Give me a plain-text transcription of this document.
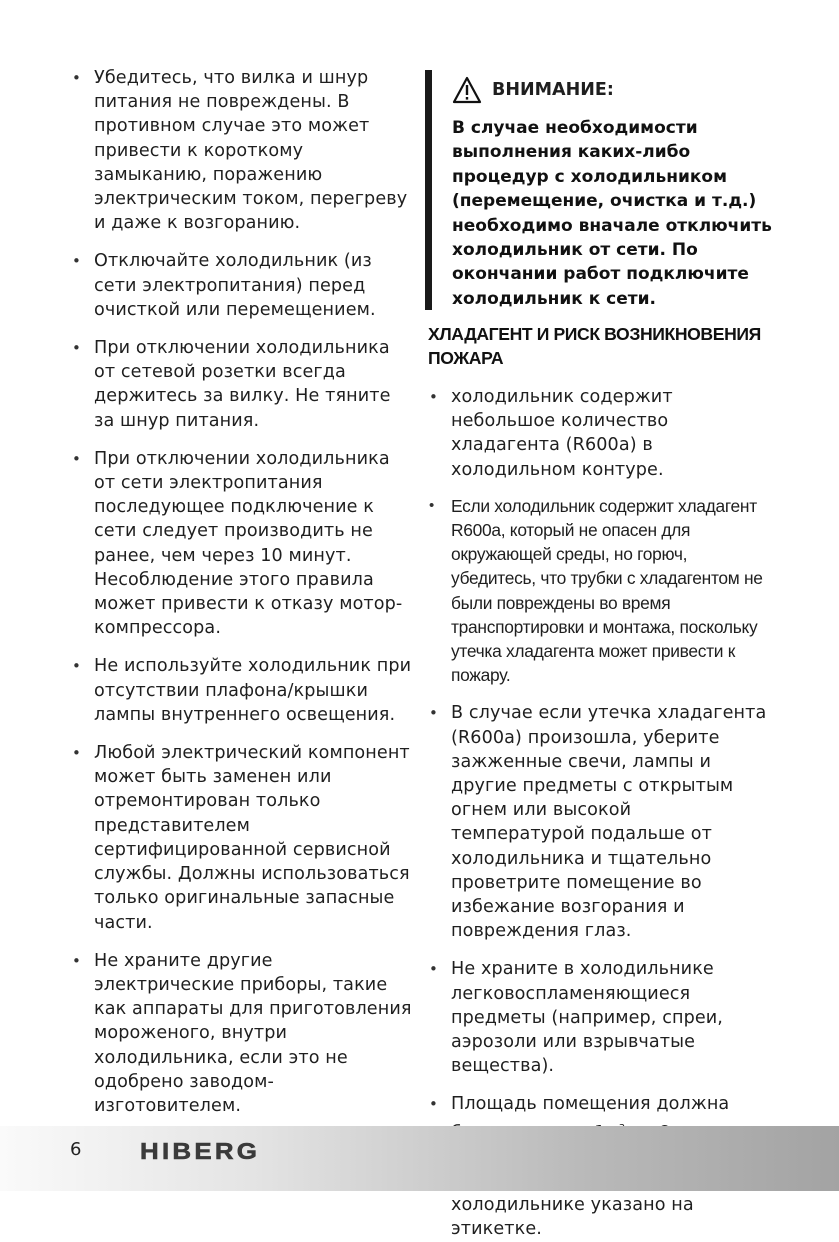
• Убедитесь, что вилка и шнур питания не повреждены. В противном случае это может привести к короткому замыканию, поражению электрическим током, перегреву и даже к возгоранию.
• Отключайте холодильник (из сети электропитания) перед очисткой или перемещением.
• При отключении холодильника от сетевой розетки всегда держитесь за вилку. Не тяните за шнур питания.
• При отключении холодильника от сети электропитания последующее подключение к сети следует производить не ранее, чем через 10 минут. Несоблюдение этого правила может привести к отказу мотор-компрессора.
• Не используйте холодильник при отсутствии плафона/крышки лампы внутреннего освещения.
• Любой электрический компонент может быть заменен или отремонтирован только представителем сертифицированной сервисной службы. Должны использоваться только оригинальные запасные части.
• Не храните другие электрические приборы, такие как аппараты для приготовления мороженого, внутри холодильника, если это не одобрено заводом-изготовителем.
ВНИМАНИЕ:
В случае необходимости выполнения каких-либо процедур с холодильником (перемещение, очистка и т.д.) необходимо вначале отключить холодильник от сети. По окончании работ подключите холодильник к сети.
ХЛАДАГЕНТ И РИСК ВОЗНИКНОВЕНИЯ ПОЖАРА
• холодильник содержит небольшое количество хладагента (R600a) в холодильном контуре.
• Если холодильник содержит хладагент R600a, который не опасен для окружающей среды, но горюч, убедитесь, что трубки с хладагентом не были повреждены во время транспортировки и монтажа, поскольку утечка хладагента может привести к пожару.
• В случае если утечка хладагента (R600a) произошла, уберите зажженные свечи, лампы и другие предметы с открытым огнем или высокой температурой подальше от холодильника и тщательно проветрите помещение во избежание возгорания и повреждения глаз.
• Не храните в холодильнике легковоспламеняющиеся предметы (например, спреи, аэрозоли или взрывчатые вещества).
• Площадь помещения должна холодильнике указано на этикетке.
6 HIBERG
